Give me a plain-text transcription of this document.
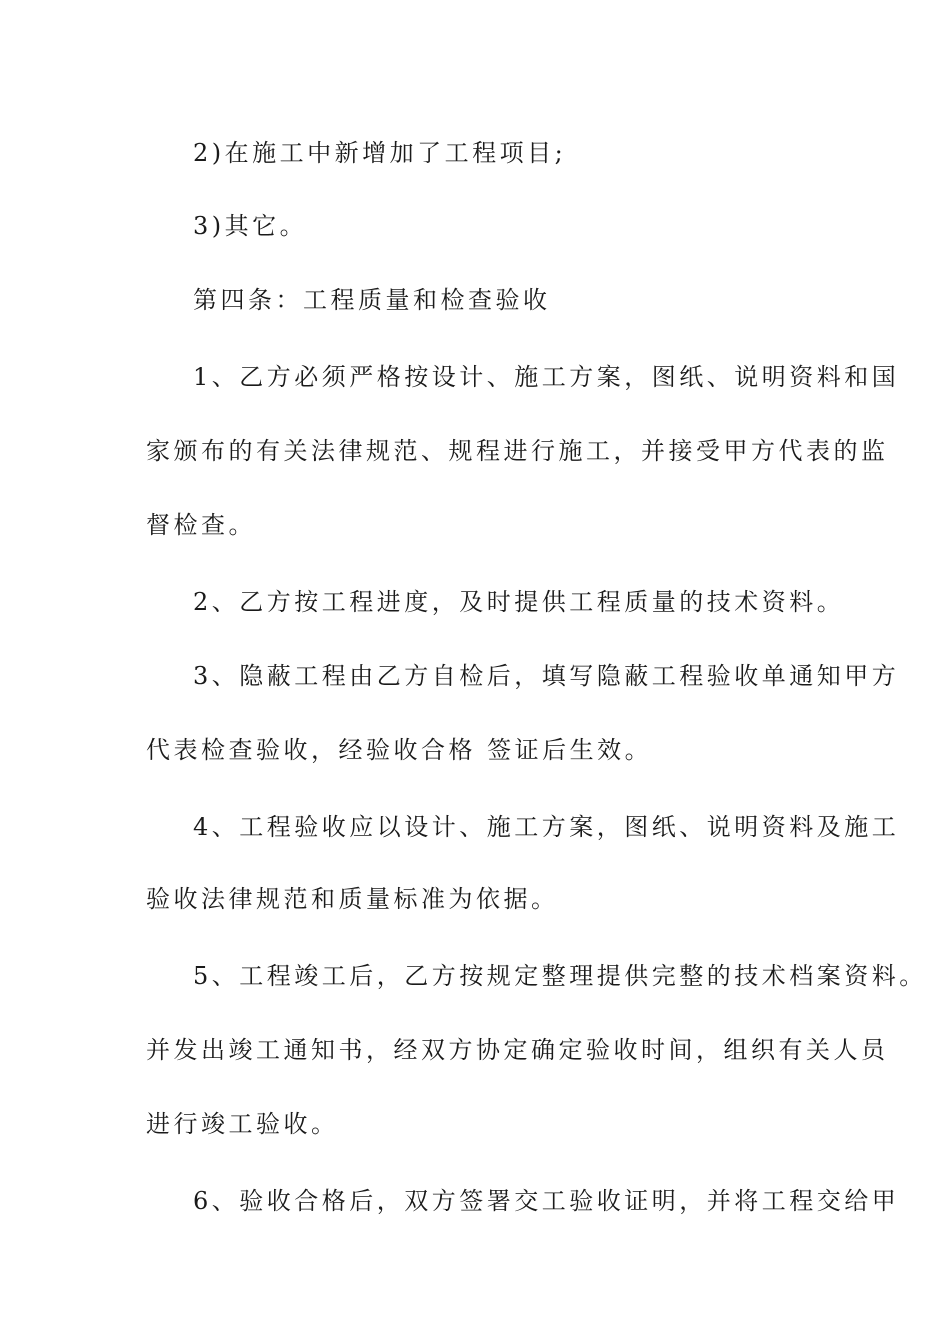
2)在施工中新增加了工程项目;
3)其它。
第四条：工程质量和检查验收
1、乙方必须严格按设计、施工方案，图纸、说明资料和国
家颁布的有关法律规范、规程进行施工，并接受甲方代表的监
督检查。
2、乙方按工程进度，及时提供工程质量的技术资料。
3、隐蔽工程由乙方自检后，填写隐蔽工程验收单通知甲方
代表检查验收，经验收合格 签证后生效。
4、工程验收应以设计、施工方案，图纸、说明资料及施工
验收法律规范和质量标准为依据。
5、工程竣工后，乙方按规定整理提供完整的技术档案资料。
并发出竣工通知书，经双方协定确定验收时间，组织有关人员
进行竣工验收。
6、验收合格后，双方签署交工验收证明，并将工程交给甲
